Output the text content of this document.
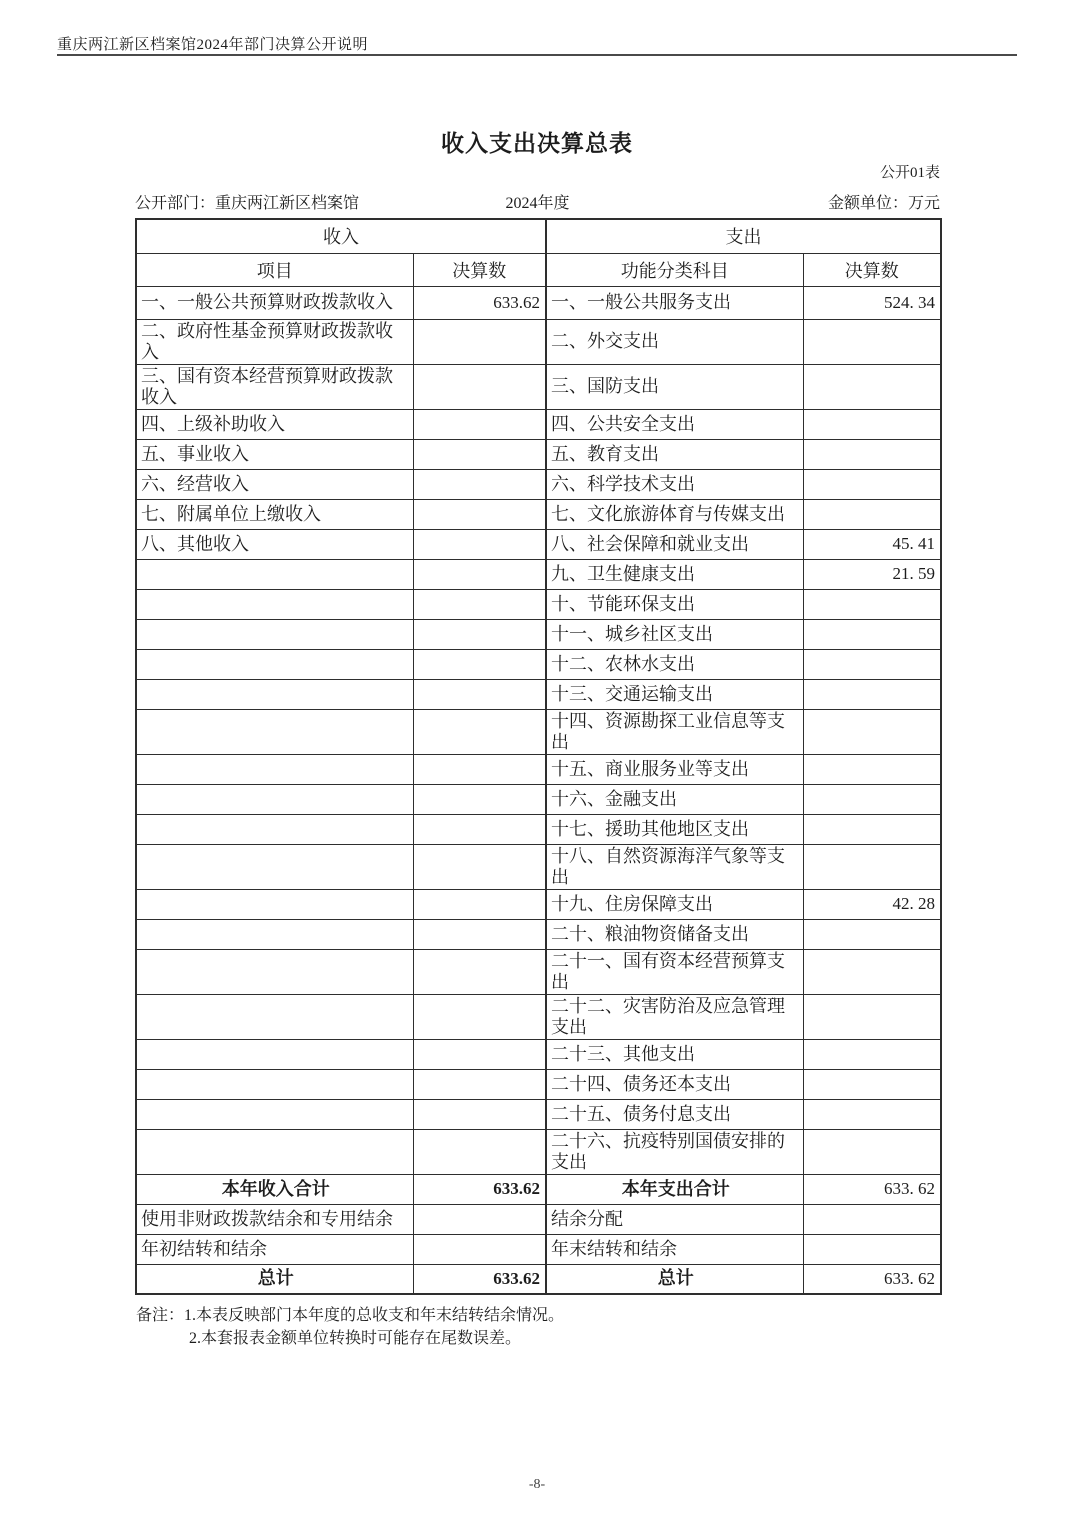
重庆两江新区档案馆2024年部门决算公开说明
收入支出决算总表
公开01表
公开部门：重庆两江新区档案馆	2024年度	金额单位：万元
收入		支出	
项目	决算数	功能分类科目	决算数
一、一般公共预算财政拨款收入	633.62	一、一般公共服务支出	524. 34
二、政府性基金预算财政拨款收入		二、外交支出	
三、国有资本经营预算财政拨款收入		三、国防支出	
四、上级补助收入		四、公共安全支出	
五、事业收入		五、教育支出	
六、经营收入		六、科学技术支出	
七、附属单位上缴收入		七、文化旅游体育与传媒支出	
八、其他收入		八、社会保障和就业支出	45. 41
		九、卫生健康支出	21. 59
		十、节能环保支出	
		十一、城乡社区支出	
		十二、农林水支出	
		十三、交通运输支出	
		十四、资源勘探工业信息等支出	
		十五、商业服务业等支出	
		十六、金融支出	
		十七、援助其他地区支出	
		十八、自然资源海洋气象等支出	
		十九、住房保障支出	42. 28
		二十、粮油物资储备支出	
		二十一、国有资本经营预算支出	
		二十二、灾害防治及应急管理支出	
		二十三、其他支出	
		二十四、债务还本支出	
		二十五、债务付息支出	
		二十六、抗疫特别国债安排的支出	
本年收入合计	633.62	本年支出合计	633. 62
使用非财政拨款结余和专用结余		结余分配	
年初结转和结余		年末结转和结余	
总计	633.62	总计	633. 62
备注：1.本表反映部门本年度的总收支和年末结转结余情况。
2.本套报表金额单位转换时可能存在尾数误差。
-8-
